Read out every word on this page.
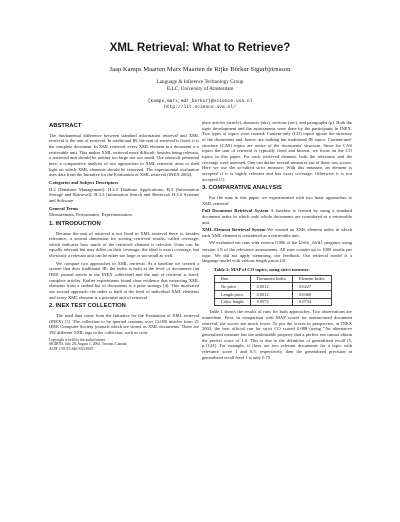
XML Retrieval: What to Retrieve?
Jaap Kamps Maarten Marx Maarten de Rijke Börkur Sigurbjörnsson
Language & Inference Technology Group
ILLC, University of Amsterdam
{kamps,marx,mdr,borkur}@science.uva.nl
http://lit.science.uva.nl/
ABSTRACT

The fundamental difference between standard information retrieval and XML retrieval is the unit of retrieval. In traditional IR, the unit of retrieval is fixed: it is the complete document. In XML retrieval, every XML element in a document is a retrievable unit. This makes XML retrieval more difficult: besides being relevant, a retrieved unit should be neither too large nor too small. The research presented here, a comparative analysis of two approaches to XML retrieval, aims to shed light on which XML elements should be retrieved. The experimental evaluation uses data from the Initiative for the Evaluation of XML retrieval (INEX 2002).

Categories and Subject Descriptors

H.2 [Database Management]: H.2.3 Database Applications; H.3 [Information Storage and Retrieval]: H.3.3 Information Search and Retrieval; H.3.4 Systems and Software

General Terms

Measurement, Performance, Experimentation

1. INTRODUCTION

Because the unit of retrieval is not fixed in XML retrieval there is, besides relevance, a second dimension for scoring retrieved results, called coverage, which indicates how much of the retrieved element is relevant. Units can be equally relevant but may differ on their coverage: the ideal is exact coverage, but obviously a relevant unit can be either too large or too small as well.

We compare two approaches to XML retrieval. As a baseline we created a system that does traditional IR: the index is built at the level of documents (an IEEE journal article in the INEX collection) and the unit of retrieval is fixed: complete articles. Earlier experiments found clear evidence that extracting XML elements from a ranked list of documents is a poor strategy [4]. This motivated our second approach: the index is built at the level of individual XML elements and every XML element is a potential unit of retrieval.

2. INEX TEST COLLECTION

The used data come from the Initiative for the Evaluation of XML retrieval (INEX) [1]. The collection to be queried contains over 12,000 articles from 21 IEEE Computer Society journals which are stored as XML documents. There are 192 different XML tags in the collection, such as com-

Copyright is held by the author/owner.
SIGIR'03, July 28–August 1, 2003, Toronto, Canada.
ACM 1-58113-646-3/03/0007.

plete articles (article), abstracts (abs), sections (sec), and paragraphs (p). Both the topic development and the assessments were done by the participants in INEX. Two types of topics were created. Content-only (CO) topics ignore the structure of the documents and, hence, are nothing but traditional IR topics. Content-and-structure (CAS) topics are aware of the documents' structure. Since for CAS topics the unit of retrieval is typically fixed and known, we focus on the CO topics in this paper. For each retrieved element, both the relevance and the coverage were assessed. One can define several measures out of these raw scores. Here we use the so-called strict measure. With this measure, an element is accepted if it is highly relevant and has exact coverage. Otherwise it is not accepted [1].

3. COMPARATIVE ANALYSIS

For the runs in this paper, we experimented with two basic approaches to XML retrieval:

Full Document Retrieval System A baseline is formed by using a standard document index in which only whole documents are considered as a retrievable unit.
XML Element Retrieval System We created an XML element index in which each XML element is considered as a retrievable unit.

We evaluated our runs with version 0.006 of the inex_eval program, using version 1.8 of the relevance assessments. All runs contain up to 1000 results per topic. We did not apply stemming, nor feedback. Our retrieval model is a language model with various length priors [4].

Table 1: MAP of CO topics, using strict measure.
Run	Document Index	Element Index
No prior	0.0512	0.0227
Length prior	0.0512	0.0360
Cubic length	0.0572	0.0734

Table 1 shows the results of runs for both approaches. Two observations are immediate. First, in comparison with MAP scores for unstructured document retrieval, the scores are much lower. To put the scores in perspective, at INEX 2002, the best official run for strict CO scored 0.088 (using "An alternative generalized measure has the undesirable property that a perfect run cannot obtain the perfect score of 1.0. This is due to the definition of generalized recall [5, p.1124]. For example, if there are two relevant documents for a topic with relevance score 1 and 0.5, respectively, then the generalized precision at generalized recall level 1 is only 0.75.
